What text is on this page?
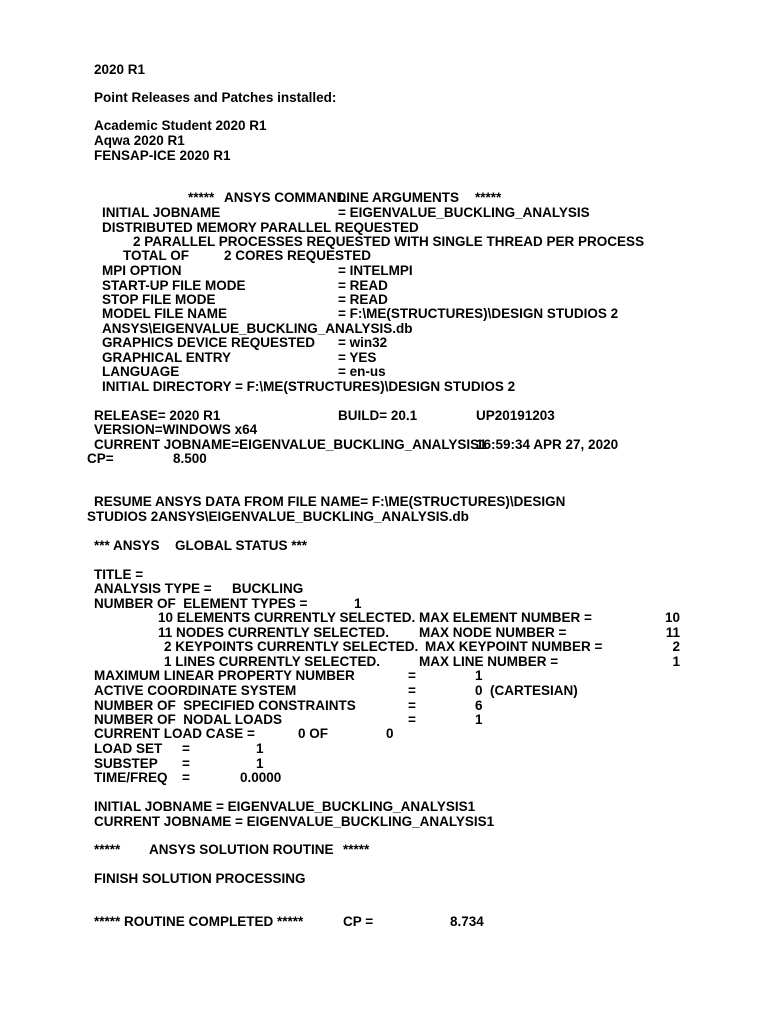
2020 R1
Point Releases and Patches installed:
Academic Student 2020 R1
Aqwa 2020 R1
FENSAP-ICE 2020 R1
***** ANSYS COMMAND
LINE ARGUMENTS *****
INITIAL JOBNAME	= EIGENVALUE_BUCKLING_ANALYSIS
DISTRIBUTED MEMORY PARALLEL REQUESTED
2 PARALLEL PROCESSES REQUESTED WITH SINGLE THREAD PER PROCESS
TOTAL OF	2 CORES REQUESTED
MPI OPTION	= INTELMPI
START-UP FILE MODE	= READ
STOP FILE MODE	= READ
MODEL FILE NAME	= F:\ME(STRUCTURES)\DESIGN STUDIOS 2
ANSYS\EIGENVALUE_BUCKLING_ANALYSIS.db
GRAPHICS DEVICE REQUESTED = win32
GRAPHICAL ENTRY	= YES
LANGUAGE	= en-us
INITIAL DIRECTORY = F:\ME(STRUCTURES)\DESIGN STUDIOS 2
RELEASE= 2020 R1	BUILD= 20.1	UP20191203
VERSION=WINDOWS x64
CURRENT JOBNAME=EIGENVALUE_BUCKLING_ANALYSIS1
16:59:34 APR 27, 2020
CP=	8.500
RESUME ANSYS DATA FROM FILE NAME= F:\ME(STRUCTURES)\DESIGN
STUDIOS 2ANSYS\EIGENVALUE_BUCKLING_ANALYSIS.db
*** ANSYS GLOBAL STATUS ***
TITLE =
ANALYSIS TYPE = BUCKLING
NUMBER OF  ELEMENT TYPES =	1
10 ELEMENTS CURRENTLY SELECTED. MAX ELEMENT NUMBER =	10
11 NODES CURRENTLY SELECTED. MAX NODE NUMBER =	11
2 KEYPOINTS CURRENTLY SELECTED. MAX KEYPOINT NUMBER =	2
1 LINES CURRENTLY SELECTED.	MAX LINE NUMBER =	1
MAXIMUM LINEAR PROPERTY NUMBER	=	1
ACTIVE COORDINATE SYSTEM	=	0  (CARTESIAN)
NUMBER OF  SPECIFIED CONSTRAINTS	=	6
NUMBER OF  NODAL LOADS	=	1
CURRENT LOAD CASE =	0 OF	0
LOAD SET =	1
SUBSTEP =	1
TIME/FREQ =	0.0000
INITIAL JOBNAME = EIGENVALUE_BUCKLING_ANALYSIS1
CURRENT JOBNAME = EIGENVALUE_BUCKLING_ANALYSIS1
***** ANSYS SOLUTION ROUTINE *****
FINISH SOLUTION PROCESSING
***** ROUTINE COMPLETED *****	CP =	8.734
